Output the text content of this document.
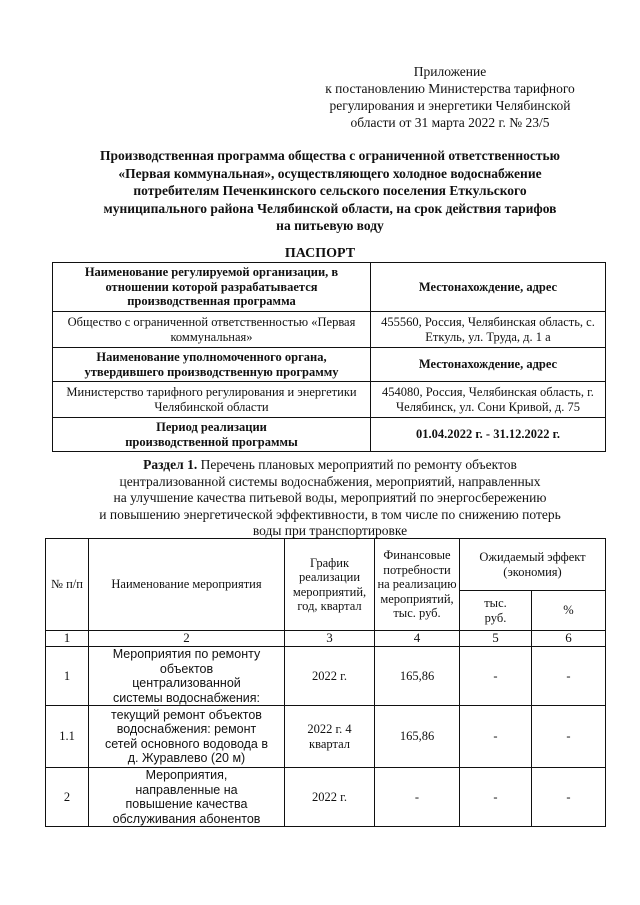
Приложение
к постановлению Министерства тарифного
регулирования и энергетики Челябинской
области от 31 марта 2022 г. № 23/5
Производственная программа общества с ограниченной ответственностью
«Первая коммунальная», осуществляющего холодное водоснабжение
потребителям Печенкинского сельского поселения Еткульского
муниципального района Челябинской области, на срок действия тарифов
на питьевую воду
ПАСПОРТ
Наименование регулируемой организации, в отношении которой разрабатывается производственная программа	Местонахождение, адрес
Общество с ограниченной ответственностью «Первая коммунальная»	455560, Россия, Челябинская область, с. Еткуль, ул. Труда, д. 1 а
Наименование уполномоченного органа, утвердившего производственную программу	Местонахождение, адрес
Министерство тарифного регулирования и энергетики Челябинской области	454080, Россия, Челябинская область, г. Челябинск, ул. Сони Кривой, д. 75
Период реализации производственной программы	01.04.2022 г. - 31.12.2022 г.
Раздел 1. Перечень плановых мероприятий по ремонту объектов
централизованной системы водоснабжения, мероприятий, направленных
на улучшение качества питьевой воды, мероприятий по энергосбережению
и повышению энергетической эффективности, в том числе по снижению потерь
воды при транспортировке
№ п/п	Наименование мероприятия	График реализации мероприятий, год, квартал	Финансовые потребности на реализацию мероприятий, тыс. руб.	Ожидаемый эффект (экономия)	
				тыс. руб.	%
1	2	3	4	5	6
1	Мероприятия по ремонту объектов централизованной системы водоснабжения:	2022 г.	165,86	-	-
1.1	текущий ремонт объектов водоснабжения: ремонт сетей основного водовода в д. Журавлево (20 м)	2022 г. 4 квартал	165,86	-	-
2	Мероприятия, направленные на повышение качества обслуживания абонентов	2022 г.	-	-	-
